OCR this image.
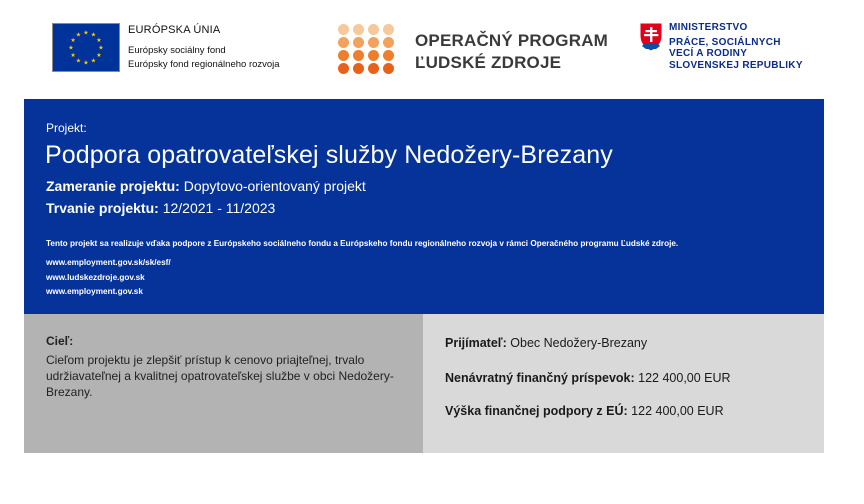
★ ★
★
★
★
★
★
★
★
★
★
★	EURÓPSKA ÚNIA
Európsky sociálny fond
Európsky fond regionálneho rozvoja
OPERAČNÝ PROGRAM
ĽUDSKÉ ZDROJE
MINISTERSTVO
PRÁCE, SOCIÁLNYCH
VECÍ A RODINY
SLOVENSKEJ REPUBLIKY
Projekt:
Podpora opatrovateľskej služby Nedožery-Brezany
Zameranie projektu: Dopytovo-orientovaný projekt
Trvanie projektu: 12/2021 - 11/2023
Tento projekt sa realizuje vďaka podpore z Európskeho sociálneho fondu a Európskeho fondu regionálneho rozvoja v rámci Operačného programu Ľudské zdroje.
www.employment.gov.sk/sk/esf/
www.ludskezdroje.gov.sk
www.employment.gov.sk
Cieľ:
Cieľom projektu je zlepšiť prístup k cenovo priajteľnej, trvalo udržiavateľnej a kvalitnej opatrovateľskej službe v obci Nedožery-Brezany.
Prijímateľ: Obec Nedožery-Brezany
Nenávratný finančný príspevok: 122 400,00 EUR
Výška finančnej podpory z EÚ: 122 400,00 EUR
